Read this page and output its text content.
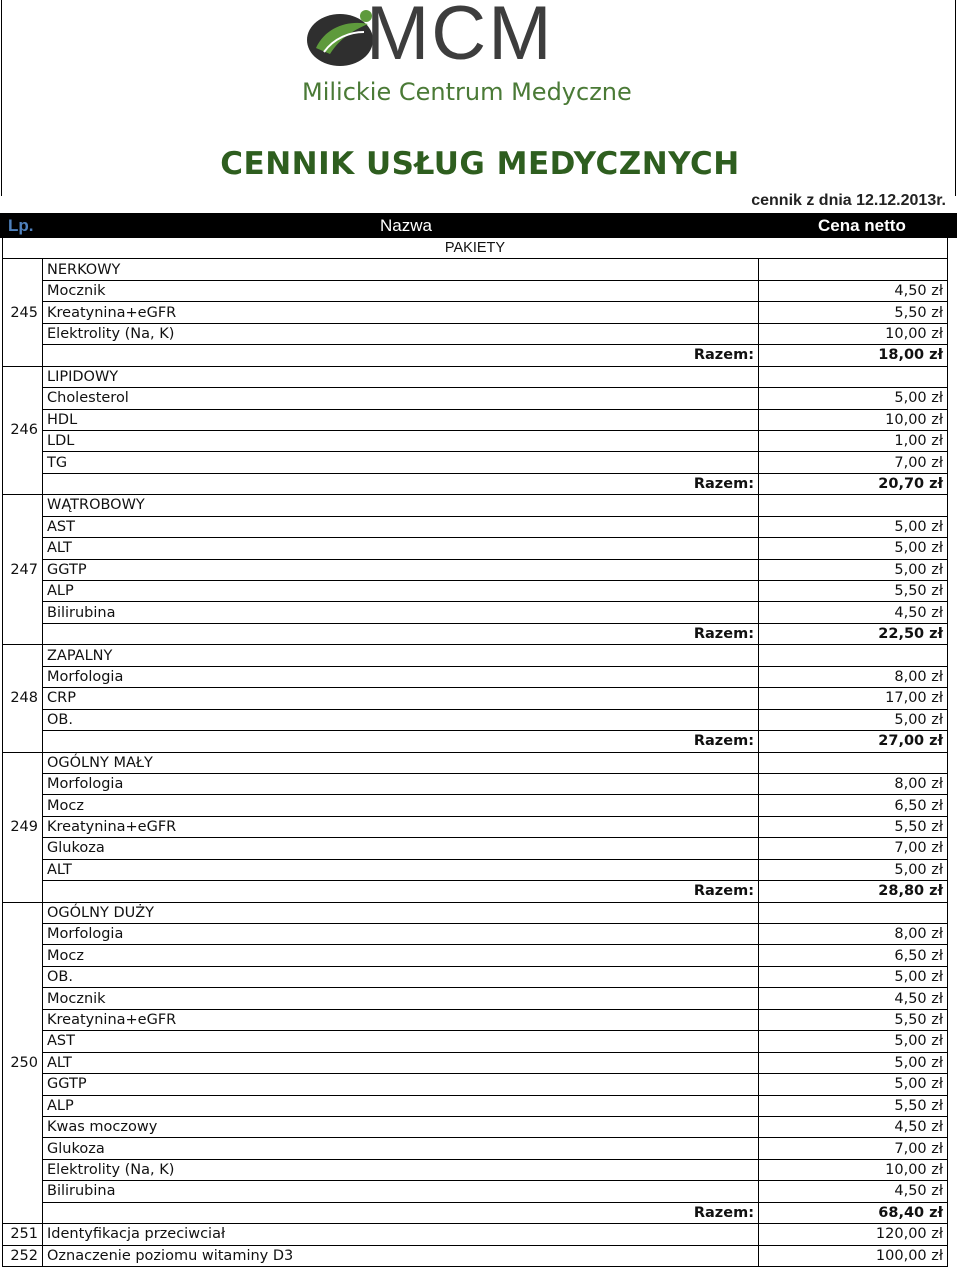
MCM
Milickie Centrum Medyczne
CENNIK USŁUG MEDYCZNYCH
cennik z dnia 12.12.2013r.
Lp.	Nazwa	Cena netto
PAKIETY		
245	NERKOWY	
	Mocznik	4,50 zł
	Kreatynina+eGFR	5,50 zł
	Elektrolity (Na, K)	10,00 zł
	Razem:	18,00 zł
246	LIPIDOWY	
	Cholesterol	5,00 zł
	HDL	10,00 zł
	LDL	1,00 zł
	TG	7,00 zł
	Razem:	20,70 zł
247	WĄTROBOWY	
	AST	5,00 zł
	ALT	5,00 zł
	GGTP	5,00 zł
	ALP	5,50 zł
	Bilirubina	4,50 zł
	Razem:	22,50 zł
248	ZAPALNY	
	Morfologia	8,00 zł
	CRP	17,00 zł
	OB.	5,00 zł
	Razem:	27,00 zł
249	OGÓLNY MAŁY	
	Morfologia	8,00 zł
	Mocz	6,50 zł
	Kreatynina+eGFR	5,50 zł
	Glukoza	7,00 zł
	ALT	5,00 zł
	Razem:	28,80 zł
250	OGÓLNY DUŻY	
	Morfologia	8,00 zł
	Mocz	6,50 zł
	OB.	5,00 zł
	Mocznik	4,50 zł
	Kreatynina+eGFR	5,50 zł
	AST	5,00 zł
	ALT	5,00 zł
	GGTP	5,00 zł
	ALP	5,50 zł
	Kwas moczowy	4,50 zł
	Glukoza	7,00 zł
	Elektrolity (Na, K)	10,00 zł
	Bilirubina	4,50 zł
	Razem:	68,40 zł
251	Identyfikacja przeciwciał	120,00 zł
252	Oznaczenie poziomu witaminy D3	100,00 zł
